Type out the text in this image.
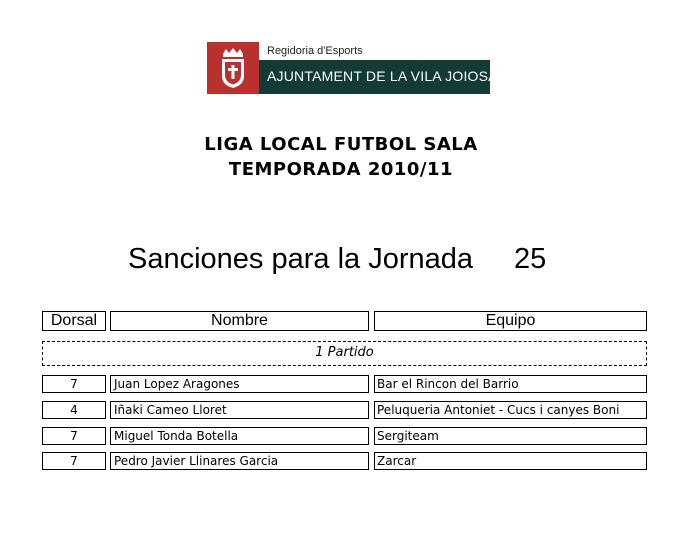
Regidoria d'Esports
AJUNTAMENT DE LA VILA JOIOSA
LIGA LOCAL FUTBOL SALA
TEMPORADA 2010/11
Sanciones para la Jornada 25
Dorsal	Nombre	Equipo
1 Partido
7	Juan Lopez Aragones	Bar el Rincon del Barrio
4	Iñaki Cameo Lloret	Peluqueria Antoniet - Cucs i canyes Boni
7	Miguel Tonda Botella	Sergiteam
7	Pedro Javier Llinares Garcia	Zarcar
